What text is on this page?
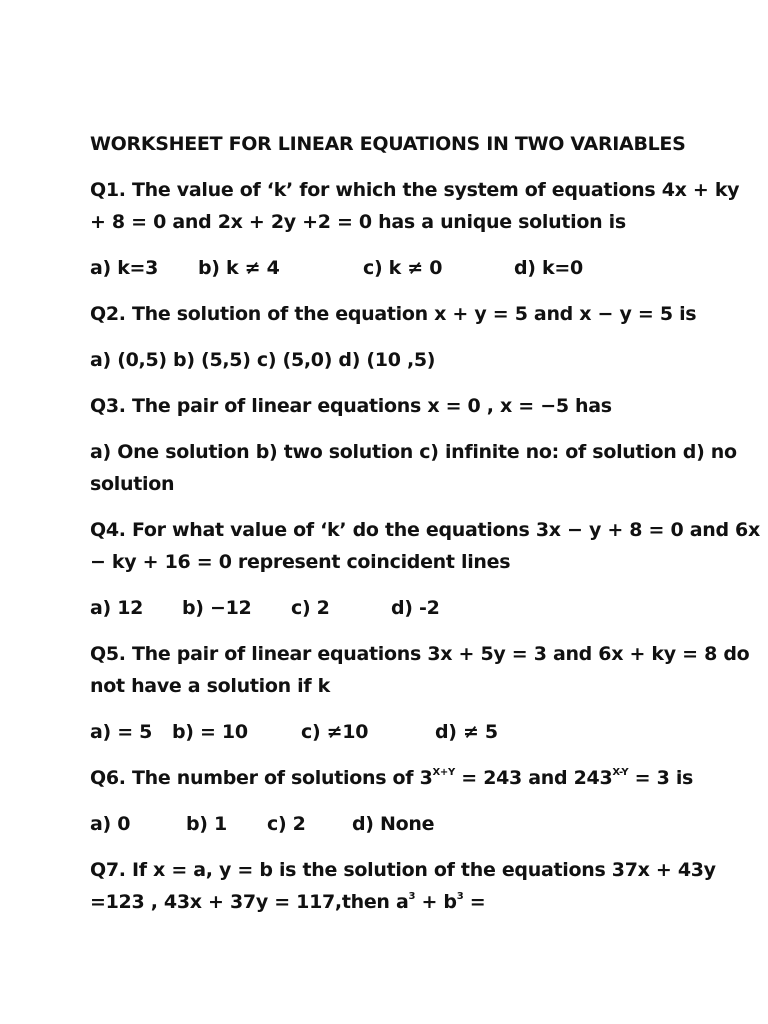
WORKSHEET FOR LINEAR EQUATIONS IN TWO VARIABLES
Q1. The value of ‘k’ for which the system of equations 4x + ky
+ 8 = 0 and 2x + 2y +2 = 0 has a unique solution is
a) k=3	b) k ≠ 4	c) k ≠ 0	d) k=0
Q2. The solution of the equation x + y = 5 and x − y = 5 is
a) (0,5) b) (5,5) c) (5,0) d) (10 ,5)
Q3. The pair of linear equations x = 0 , x = −5 has
a) One solution b) two solution c) infinite no: of solution d) no
solution
Q4. For what value of ‘k’ do the equations 3x − y + 8 = 0 and 6x
− ky + 16 = 0 represent coincident lines
a) 12	b) −12	c) 2	d) -2
Q5. The pair of linear equations 3x + 5y = 3 and 6x + ky = 8 do
not have a solution if k
a) = 5	b) = 10	c) ≠10	d) ≠ 5
Q6. The number of solutions of $3^{X+Y} = 243$ and $243^{X-Y} = 3$ is
a) 0	b) 1	c) 2	d) None
Q7. If x = a, y = b is the solution of the equations 37x + 43y
=123 , 43x + 37y = 117,then $a^3 + b^3$ =
